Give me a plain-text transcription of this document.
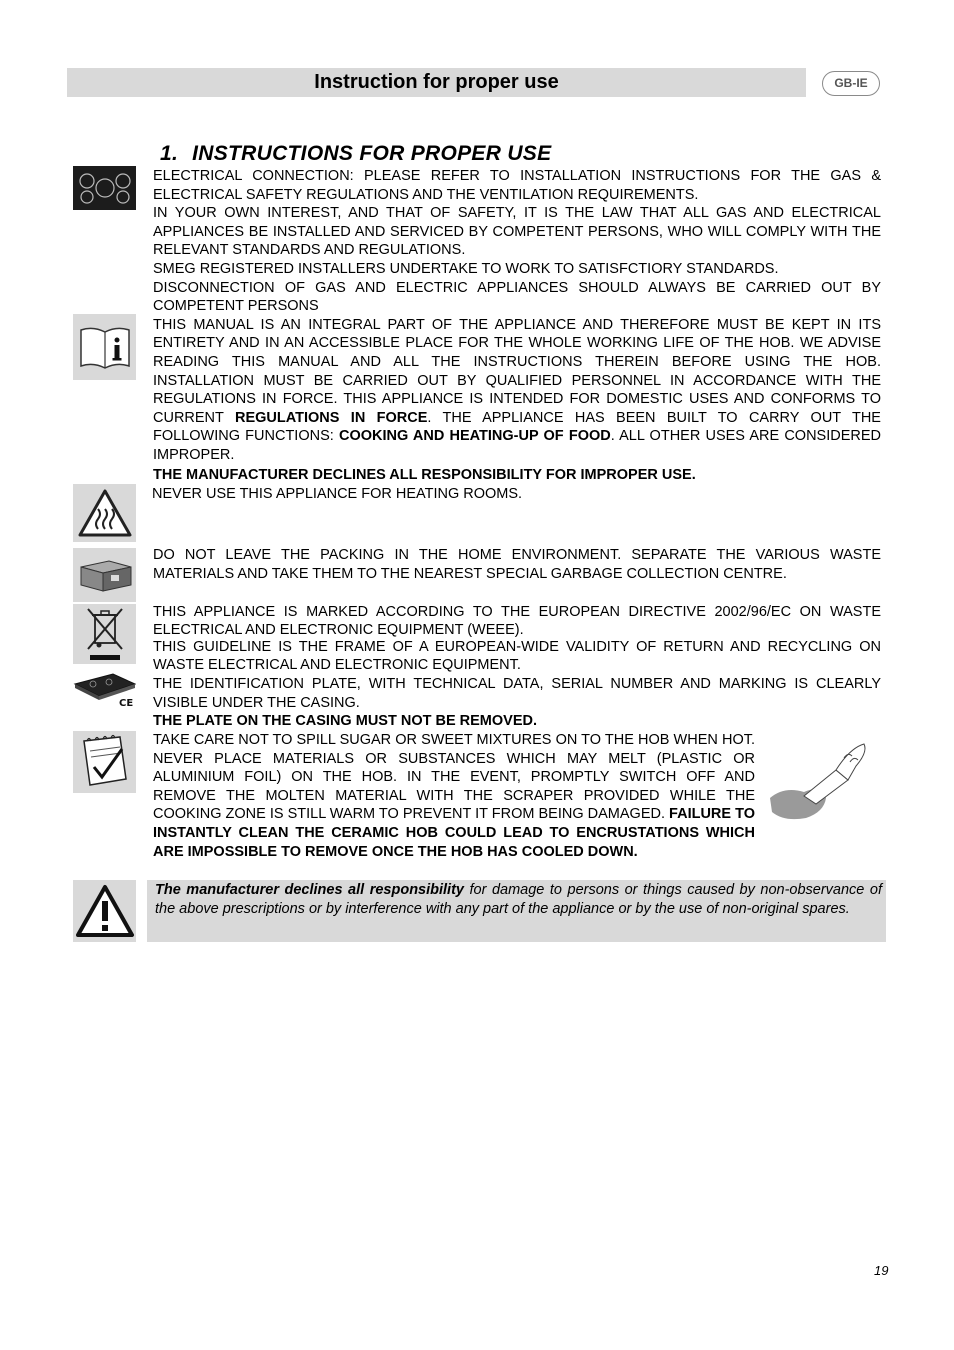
Instruction for proper use	GB-IE
1. INSTRUCTIONS FOR PROPER USE
CE

ELECTRICAL CONNECTION: PLEASE REFER TO INSTALLATION INSTRUCTIONS FOR THE GAS & ELECTRICAL SAFETY REGULATIONS AND THE VENTILATION REQUIREMENTS.

IN YOUR OWN INTEREST, AND THAT OF SAFETY, IT IS THE LAW THAT ALL GAS AND ELECTRICAL APPLIANCES BE INSTALLED AND SERVICED BY COMPETENT PERSONS, WHO WILL COMPLY WITH THE RELEVANT STANDARDS AND REGULATIONS.

SMEG REGISTERED INSTALLERS UNDERTAKE TO WORK TO SATISFCTIORY STANDARDS.

DISCONNECTION OF GAS AND ELECTRIC APPLIANCES SHOULD ALWAYS BE CARRIED OUT BY COMPETENT PERSONS

THIS MANUAL IS AN INTEGRAL PART OF THE APPLIANCE AND THEREFORE MUST BE KEPT IN ITS ENTIRETY AND IN AN ACCESSIBLE PLACE FOR THE WHOLE WORKING LIFE OF THE HOB. WE ADVISE READING THIS MANUAL AND ALL THE INSTRUCTIONS THEREIN BEFORE USING THE HOB. INSTALLATION MUST BE CARRIED OUT BY QUALIFIED PERSONNEL IN ACCORDANCE WITH THE REGULATIONS IN FORCE. THIS APPLIANCE IS INTENDED FOR DOMESTIC USES AND CONFORMS TO CURRENT REGULATIONS IN FORCE. THE APPLIANCE HAS BEEN BUILT TO CARRY OUT THE FOLLOWING FUNCTIONS: COOKING AND HEATING-UP OF FOOD. ALL OTHER USES ARE CONSIDERED IMPROPER.

THE MANUFACTURER DECLINES ALL RESPONSIBILITY FOR IMPROPER USE.

NEVER USE THIS APPLIANCE FOR HEATING ROOMS.

DO NOT LEAVE THE PACKING IN THE HOME ENVIRONMENT. SEPARATE THE VARIOUS WASTE MATERIALS AND TAKE THEM TO THE NEAREST SPECIAL GARBAGE COLLECTION CENTRE.

THIS APPLIANCE IS MARKED ACCORDING TO THE EUROPEAN DIRECTIVE 2002/96/EC ON WASTE ELECTRICAL AND ELECTRONIC EQUIPMENT (WEEE).

THIS GUIDELINE IS THE FRAME OF A EUROPEAN-WIDE VALIDITY OF RETURN AND RECYCLING ON WASTE ELECTRICAL AND ELECTRONIC EQUIPMENT.

THE IDENTIFICATION PLATE, WITH TECHNICAL DATA, SERIAL NUMBER AND MARKING IS CLEARLY VISIBLE UNDER THE CASING.

THE PLATE ON THE CASING MUST NOT BE REMOVED.

TAKE CARE NOT TO SPILL SUGAR OR SWEET MIXTURES ON TO THE HOB WHEN HOT. NEVER PLACE MATERIALS OR SUBSTANCES WHICH MAY MELT (PLASTIC OR ALUMINIUM FOIL) ON THE HOB. IN THE EVENT, PROMPTLY SWITCH OFF AND REMOVE THE MOLTEN MATERIAL WITH THE SCRAPER PROVIDED WHILE THE COOKING ZONE IS STILL WARM TO PREVENT IT FROM BEING DAMAGED. FAILURE TO INSTANTLY CLEAN THE CERAMIC HOB COULD LEAD TO ENCRUSTATIONS WHICH ARE IMPOSSIBLE TO REMOVE ONCE THE HOB HAS COOLED DOWN.

The manufacturer declines all responsibility for damage to persons or things caused by non-observance of the above prescriptions or by interference with any part of the appliance or by the use of non-original spares.
19
